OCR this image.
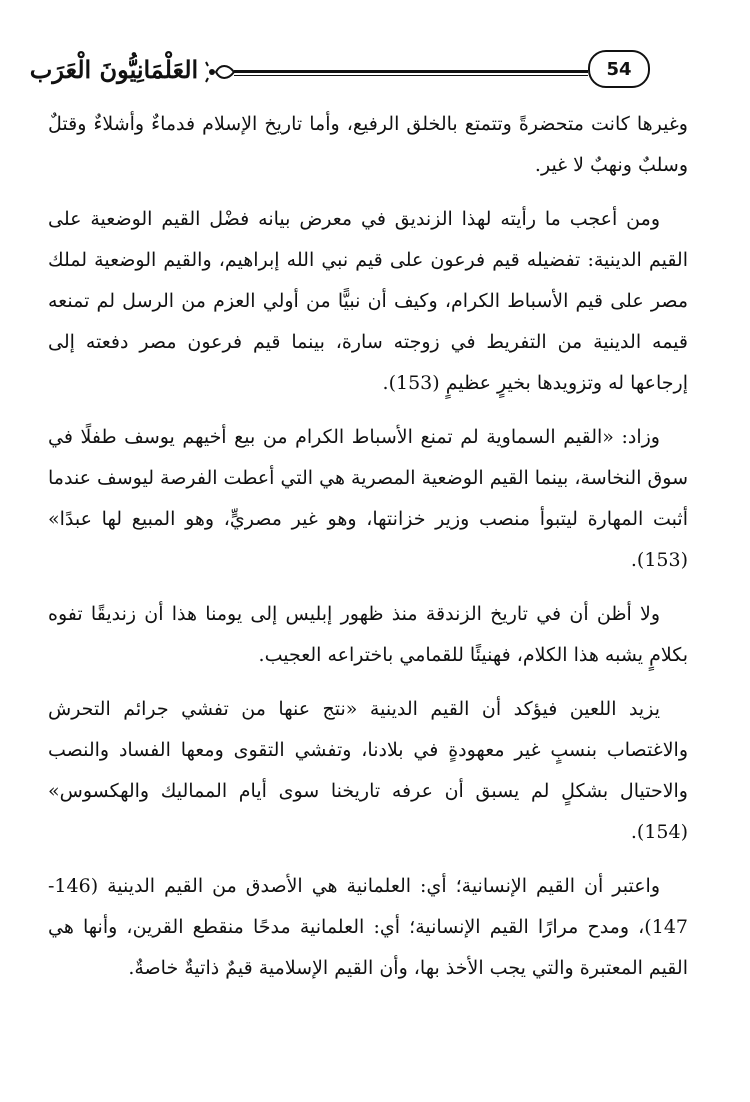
54
العَلْمَانِيُّونَ الْعَرَب

وغيرها كانت متحضرةً وتتمتع بالخلق الرفيع، وأما تاريخ الإسلام فدماءٌ وأشلاءٌ وقتلٌ وسلبٌ ونهبٌ لا غير.

ومن أعجب ما رأيته لهذا الزنديق في معرض بيانه فضْل القيم الوضعية على القيم الدينية: تفضيله قيم فرعون على قيم نبي الله إبراهيم، والقيم الوضعية لملك مصر على قيم الأسباط الكرام، وكيف أن نبيًّا من أولي العزم من الرسل لم تمنعه قيمه الدينية من التفريط في زوجته سارة، بينما قيم فرعون مصر دفعته إلى إرجاعها له وتزويدها بخيرٍ عظيمٍ (153).

وزاد: «القيم السماوية لم تمنع الأسباط الكرام من بيع أخيهم يوسف طفلًا في سوق النخاسة، بينما القيم الوضعية المصرية هي التي أعطت الفرصة ليوسف عندما أثبت المهارة ليتبوأ منصب وزير خزانتها، وهو غير مصريٍّ، وهو المبيع لها عبدًا» (153).

ولا أظن أن في تاريخ الزندقة منذ ظهور إبليس إلى يومنا هذا أن زنديقًا تفوه بكلامٍ يشبه هذا الكلام، فهنيئًا للقمامي باختراعه العجيب.

يزيد اللعين فيؤكد أن القيم الدينية «نتج عنها من تفشي جرائم التحرش والاغتصاب بنسبٍ غير معهودةٍ في بلادنا، وتفشي التقوى ومعها الفساد والنصب والاحتيال بشكلٍ لم يسبق أن عرفه تاريخنا سوى أيام المماليك والهكسوس» (154).

واعتبر أن القيم الإنسانية؛ أي: العلمانية هي الأصدق من القيم الدينية (146-147)، ومدح مرارًا القيم الإنسانية؛ أي: العلمانية مدحًا منقطع القرين، وأنها هي القيم المعتبرة والتي يجب الأخذ بها، وأن القيم الإسلامية قيمٌ ذاتيةٌ خاصةٌ.
